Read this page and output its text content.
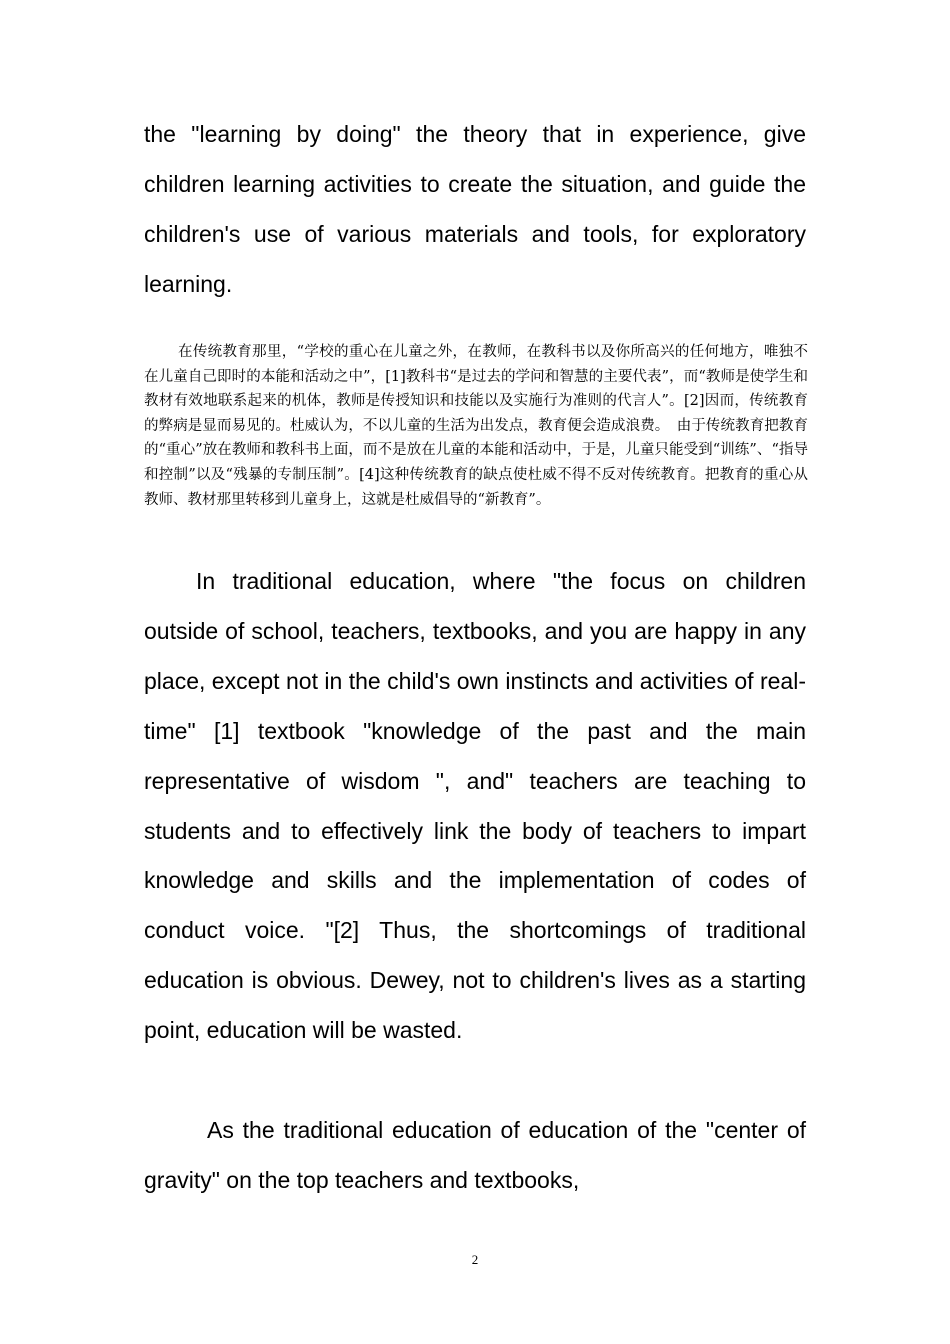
the "learning by doing" the theory that in experience, give children learning activities to create the situation, and guide the children's use of various materials and tools, for exploratory learning.

在传统教育那里，“学校的重心在儿童之外，在教师，在教科书以及你所高兴的任何地方，唯独不在儿童自己即时的本能和活动之中”，[1]教科书“是过去的学问和智慧的主要代表”，而“教师是使学生和教材有效地联系起来的机体，教师是传授知识和技能以及实施行为准则的代言人”。[2]因而，传统教育的弊病是显而易见的。杜威认为，不以儿童的生活为出发点，教育便会造成浪费。　由于传统教育把教育的“重心”放在教师和教科书上面，而不是放在儿童的本能和活动中，于是，儿童只能受到“训练”、“指导和控制”以及“残暴的专制压制”。[4]这种传统教育的缺点使杜威不得不反对传统教育。把教育的重心从教师、教材那里转移到儿童身上，这就是杜威倡导的“新教育”。

In traditional education, where "the focus on children outside of school, teachers, textbooks, and you are happy in any place, except not in the child's own instincts and activities of real-time" [1] textbook "knowledge of the past and the main representative of wisdom ", and" teachers are teaching to students and to effectively link the body of teachers to impart knowledge and skills and the implementation of codes of conduct voice. "[2] Thus, the shortcomings of traditional education is obvious. Dewey, not to children's lives as a starting point, education will be wasted.

As the traditional education of education of the "center of gravity" on the top teachers and textbooks,

2
